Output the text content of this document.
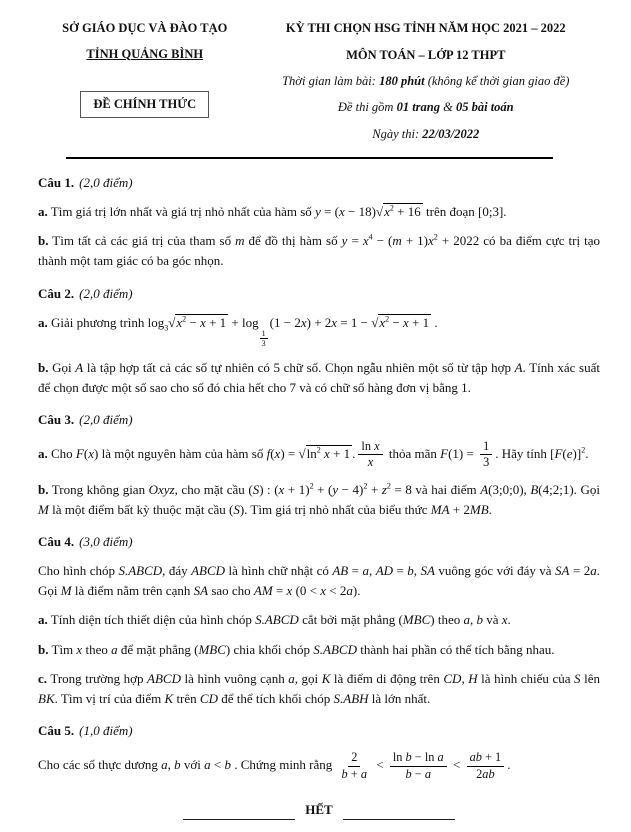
SỞ GIÁO DỤC VÀ ĐÀO TẠO
TỈNH QUẢNG BÌNH
ĐỀ CHÍNH THỨC
KỲ THI CHỌN HSG TỈNH NĂM HỌC 2021 – 2022
MÔN TOÁN – LỚP 12 THPT
Thời gian làm bài: 180 phút (không kể thời gian giao đề)
Đề thi gồm 01 trang & 05 bài toán
Ngày thi: 22/03/2022

Câu 1. (2,0 điểm)

a. Tìm giá trị lớn nhất và giá trị nhỏ nhất của hàm số $y = (x - 18)√x^2 + 16$ trên đoạn [0;3].

b. Tìm tất cả các giá trị của tham số m để đồ thị hàm số $y = x^4 - (m + 1)x^2 + 2022$ có ba điểm cực trị tạo thành một tam giác có ba góc nhọn.

Câu 2. (2,0 điểm)

a. Giải phương trình $\log_3√x^2 - x + 1 + \log$
$\frac{1}{3}$
$(1 - 2x) + 2x = 1 - √x^2 - x + 1$ .

b. Gọi A là tập hợp tất cả các số tự nhiên có 5 chữ số. Chọn ngẫu nhiên một số từ tập hợp A. Tính xác suất để chọn được một số sao cho số đó chia hết cho 7 và có chữ số hàng đơn vị bằng 1.

Câu 3. (2,0 điểm)

a. Cho F(x) là một nguyên hàm của hàm số $f(x) = √\ln^2$ x + 1 . $\frac{\text{ln x}}{x}$ thỏa mãn $F(1) = \frac{1}{3}$ . Hãy tính $[F(e)]^2$.

b. Trong không gian Oxyz, cho mặt cầu (S) : $(x + 1)^2 + (y - 4)^2 + z^2 = 8$ và hai điểm A(3;0;0), B(4;2;1). Gọi M là một điểm bất kỳ thuộc mặt cầu (S). Tìm giá trị nhỏ nhất của biểu thức MA + 2MB.

Câu 4. (3,0 điểm)

Cho hình chóp S.ABCD, đáy ABCD là hình chữ nhật có AB = a, AD = b, SA vuông góc với đáy và SA = 2a. Gọi M là điểm nằm trên cạnh SA sao cho AM = x (0 < x < 2a).

a. Tính diện tích thiết diện của hình chóp S.ABCD cắt bởi mặt phẳng (MBC) theo a, b và x.

b. Tìm x theo a để mặt phẳng (MBC) chia khối chóp S.ABCD thành hai phần có thể tích bằng nhau.

c. Trong trường hợp ABCD là hình vuông cạnh a, gọi K là điểm di động trên CD, H là hình chiếu của S lên BK. Tìm vị trí của điểm K trên CD để thể tích khối chóp S.ABH là lớn nhất.

Câu 5. (1,0 điểm)

Cho các số thực dương a, b với a < b . Chứng minh rằng $\frac{2}{b + a} < \frac{\text{ln b − ln a}}{b - a} < \frac{ab + 1}{2ab}$ .

HẾT
